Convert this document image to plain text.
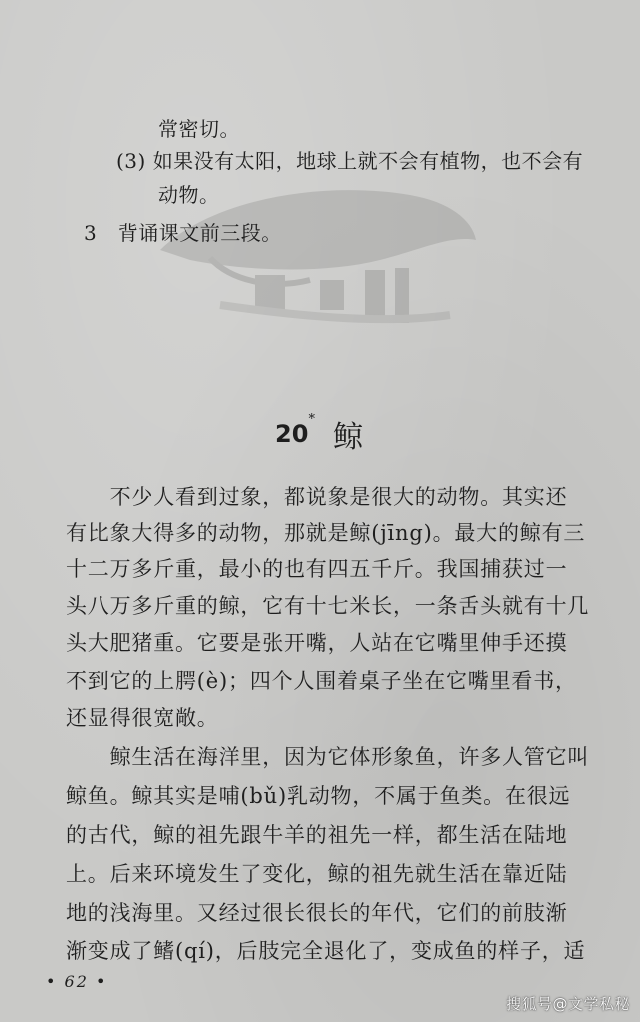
常密切。
(3) 如果没有太阳，地球上就不会有植物，也不会有
动物。
3　背诵课文前三段。
20*鲸
　　不少人看到过象，都说象是很大的动物。其实还
有比象大得多的动物，那就是鲸(jīng)。最大的鲸有三
十二万多斤重，最小的也有四五千斤。我国捕获过一
头八万多斤重的鲸，它有十七米长，一条舌头就有十几
头大肥猪重。它要是张开嘴，人站在它嘴里伸手还摸
不到它的上腭(è)；四个人围着桌子坐在它嘴里看书，
还显得很宽敞。
　　鲸生活在海洋里，因为它体形象鱼，许多人管它叫
鲸鱼。鲸其实是哺(bǔ)乳动物，不属于鱼类。在很远
的古代，鲸的祖先跟牛羊的祖先一样，都生活在陆地
上。后来环境发生了变化，鲸的祖先就生活在靠近陆
地的浅海里。又经过很长很长的年代，它们的前肢渐
渐变成了鳍(qí)，后肢完全退化了，变成鱼的样子，适
• 62 •
搜狐号@文学私秘
